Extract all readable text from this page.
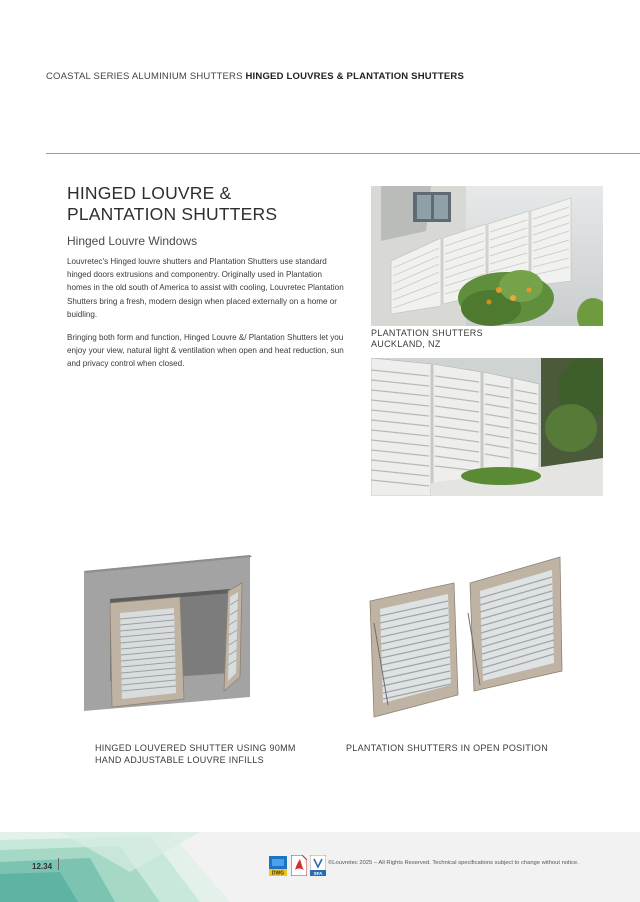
COASTAL SERIES ALUMINIUM SHUTTERS HINGED LOUVRES & PLANTATION SHUTTERS
HINGED LOUVRE &
PLANTATION SHUTTERS
Hinged Louvre Windows

Louvretec's Hinged louvre shutters and Plantation Shutters use standard hinged doors extrusions and componentry. Originally used in Plantation homes in the old south of America to assist with cooling, Louvretec Plantation Shutters bring a fresh, modern design when placed externally on a home or buidling.

Bringing both form and function, Hinged Louvre &/ Plantation Shutters let you enjoy your view, natural light & ventilation when open and heat reduction, sun and privacy control when closed.

PLANTATION SHUTTERS
AUCKLAND, NZ
HINGED LOUVERED SHUTTER USING 90MM
HAND ADJUSTABLE LOUVRE INFILLS
PLANTATION SHUTTERS IN OPEN POSITION
12.34
DWG	SFA
©Louvretec 2025 – All Rights Reserved. Technical specifications subject to change without notice.
